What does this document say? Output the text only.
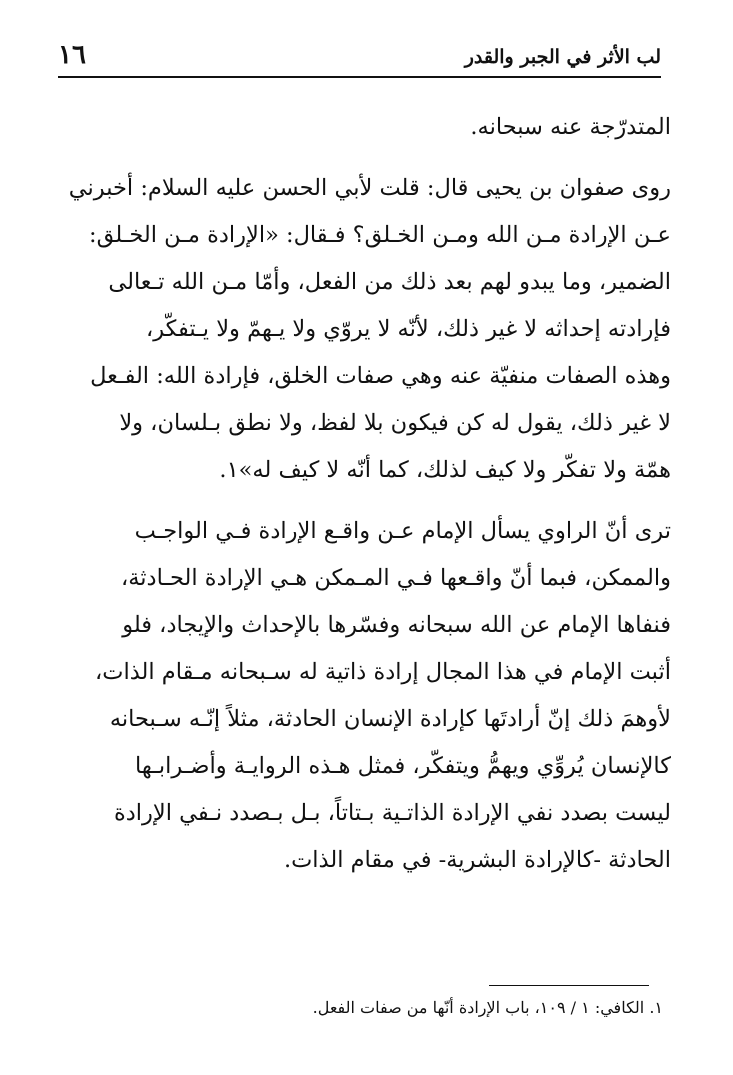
لب الأثر في الجبر والقدر
١٦
المتدرّجة عنه سبحانه.
روى صفوان بن يحيى قال: قلت لأبي الحسن عليه السلام: أخبرني
عـن الإرادة مـن الله ومـن الخـلق؟ فـقال: «الإرادة مـن الخـلق:
الضمير، وما يبدو لهم بعد ذلك من الفعل، وأمّا مـن الله تـعالى
فإرادته إحداثه لا غير ذلك، لأنّه لا يروّي ولا يـهمّ ولا يـتفكّر،
وهذه الصفات منفيّة عنه وهي صفات الخلق، فإرادة الله: الفـعل
لا غير ذلك، يقول له كن فيكون بلا لفظ، ولا نطق بـلسان، ولا
همّة ولا تفكّر ولا كيف لذلك، كما أنّه لا كيف له»١.
ترى أنّ الراوي يسأل الإمام عـن واقـع الإرادة فـي الواجـب
والممكن، فبما أنّ واقـعها فـي المـمكن هـي الإرادة الحـادثة،
فنفاها الإمام عن الله سبحانه وفسّرها بالإحداث والإيجاد، فلو
أثبت الإمام في هذا المجال إرادة ذاتية له سـبحانه مـقام الذات،
لأوهمَ ذلك إنّ أرادتَها كإرادة الإنسان الحادثة، مثلاً إنّـه سـبحانه
كالإنسان يُروِّي ويهمُّ ويتفكّر، فمثل هـذه الروايـة وأضـرابـها
ليست بصدد نفي الإرادة الذاتـية بـتاتاً، بـل بـصدد نـفي الإرادة
الحادثة -كالإرادة البشرية- في مقام الذات.
١. الكافي: ١ / ١٠٩، باب الإرادة أنّها من صفات الفعل.
